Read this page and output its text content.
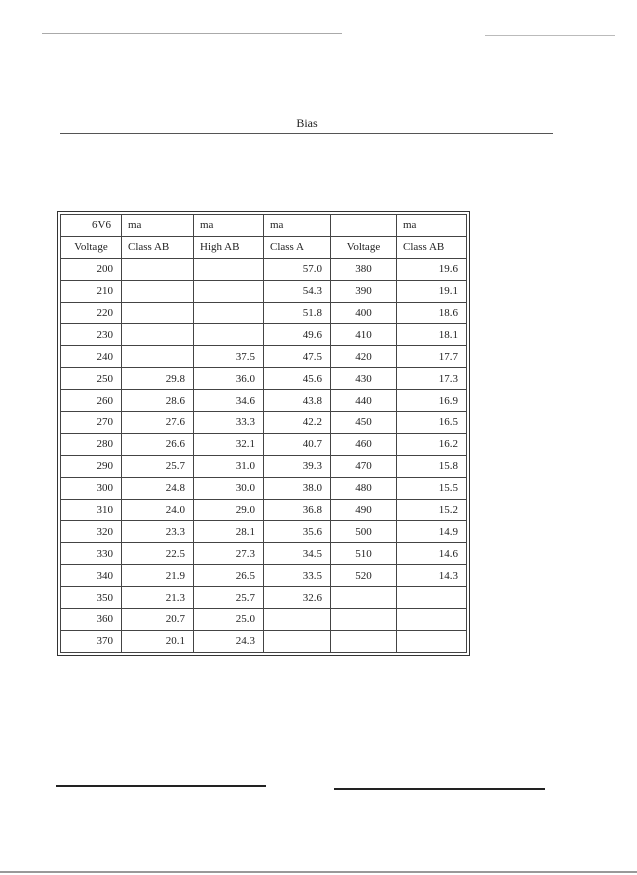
Bias
6V6	ma	ma	ma		ma
Voltage	Class AB	High AB	Class A	Voltage	Class AB
200			57.0	380	19.6
210			54.3	390	19.1
220			51.8	400	18.6
230			49.6	410	18.1
240		37.5	47.5	420	17.7
250	29.8	36.0	45.6	430	17.3
260	28.6	34.6	43.8	440	16.9
270	27.6	33.3	42.2	450	16.5
280	26.6	32.1	40.7	460	16.2
290	25.7	31.0	39.3	470	15.8
300	24.8	30.0	38.0	480	15.5
310	24.0	29.0	36.8	490	15.2
320	23.3	28.1	35.6	500	14.9
330	22.5	27.3	34.5	510	14.6
340	21.9	26.5	33.5	520	14.3
350	21.3	25.7	32.6		
360	20.7	25.0			
370	20.1	24.3			
